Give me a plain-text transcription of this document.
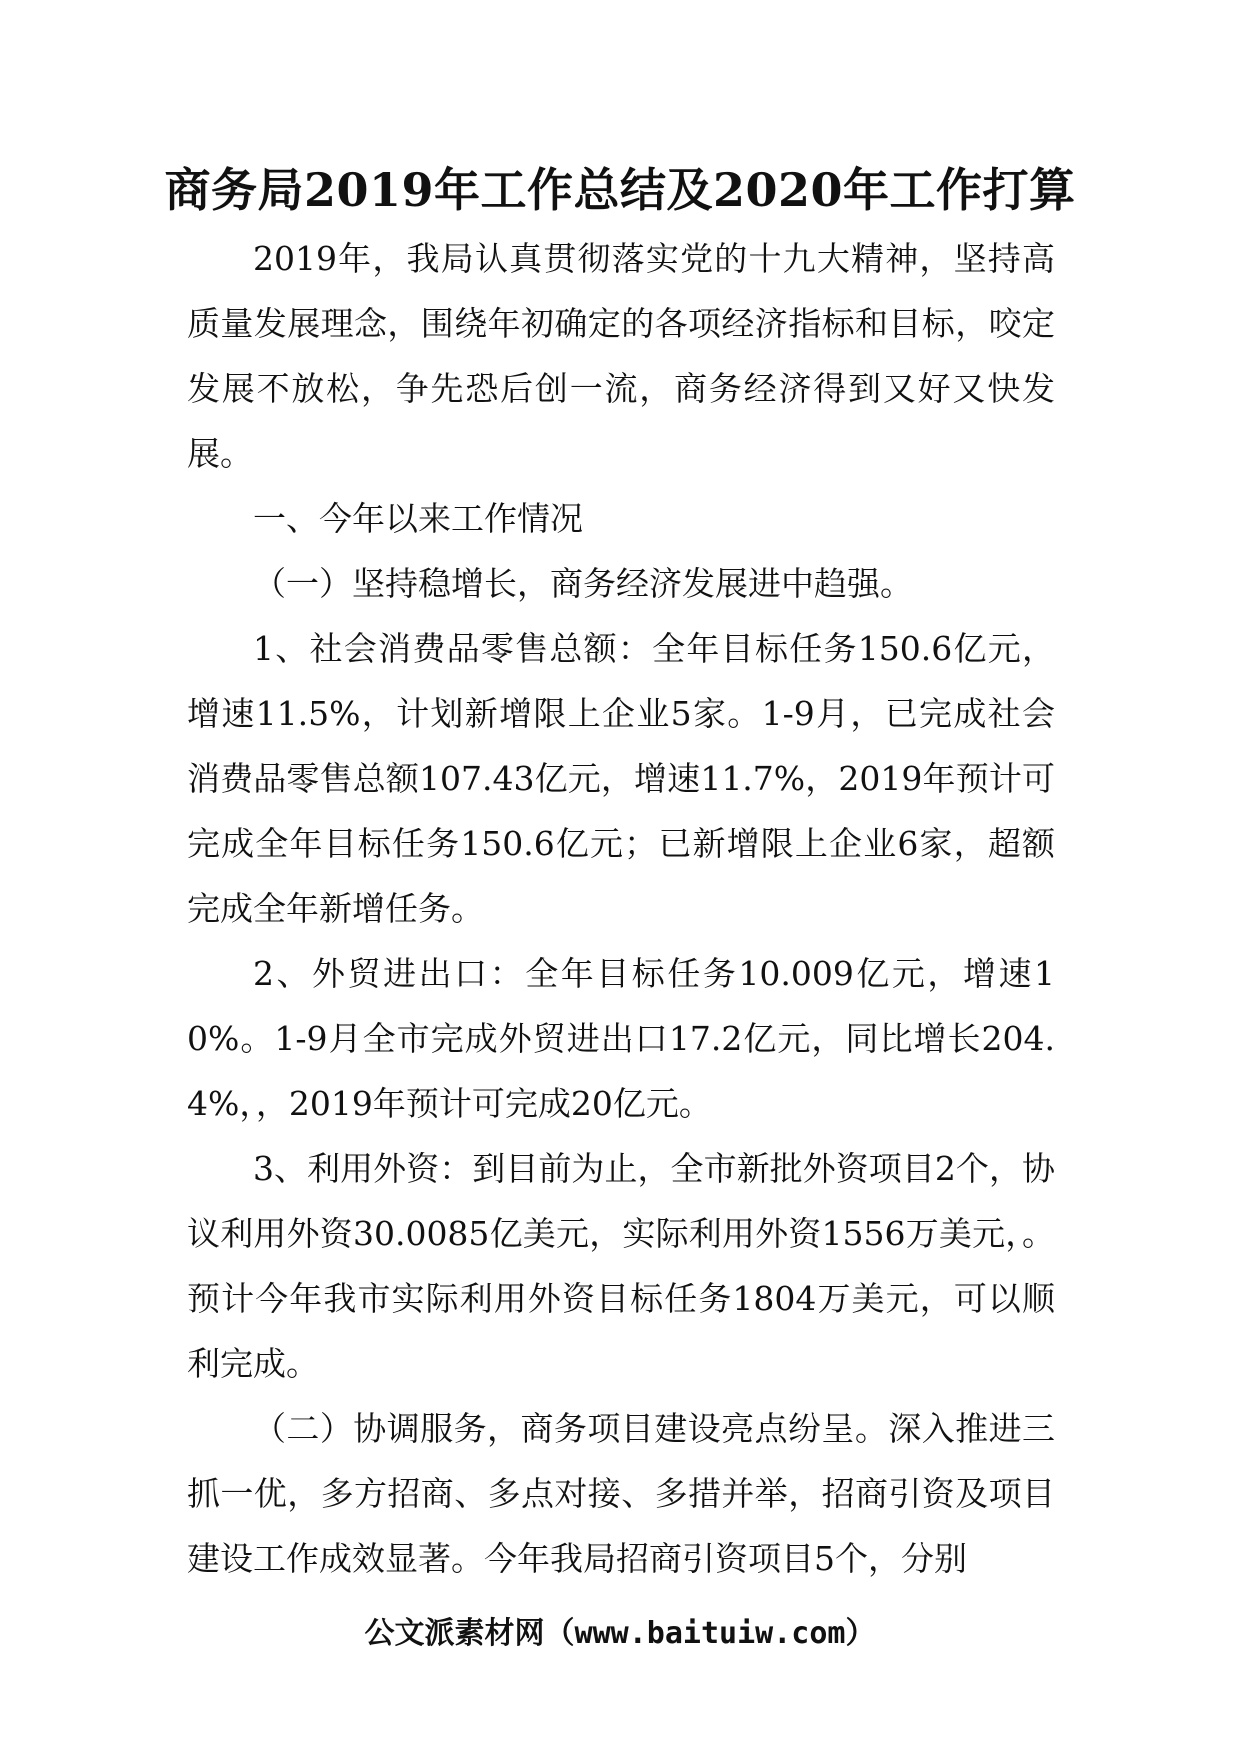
商务局2019年工作总结及2020年工作打算

2019年，我局认真贯彻落实党的十九大精神，坚持高质量发展理念，围绕年初确定的各项经济指标和目标，咬定发展不放松，争先恐后创一流，商务经济得到又好又快发展。

一、今年以来工作情况

（一）坚持稳增长，商务经济发展进中趋强。

1、社会消费品零售总额：全年目标任务150.6亿元，增速11.5%，计划新增限上企业5家。1-9月，已完成社会消费品零售总额107.43亿元，增速11.7%，2019年预计可完成全年目标任务150.6亿元；已新增限上企业6家，超额完成全年新增任务。

2、外贸进出口：全年目标任务10.009亿元，增速10%。1-9月全市完成外贸进出口17.2亿元，同比增长204.4%，，2019年预计可完成20亿元。

3、利用外资：到目前为止，全市新批外资项目2个，协议利用外资30.0085亿美元，实际利用外资1556万美元，。预计今年我市实际利用外资目标任务1804万美元，可以顺利完成。

（二）协调服务，商务项目建设亮点纷呈。深入推进三抓一优，多方招商、多点对接、多措并举，招商引资及项目建设工作成效显著。今年我局招商引资项目5个，分别

公文派素材网（www.baituiw.com）
